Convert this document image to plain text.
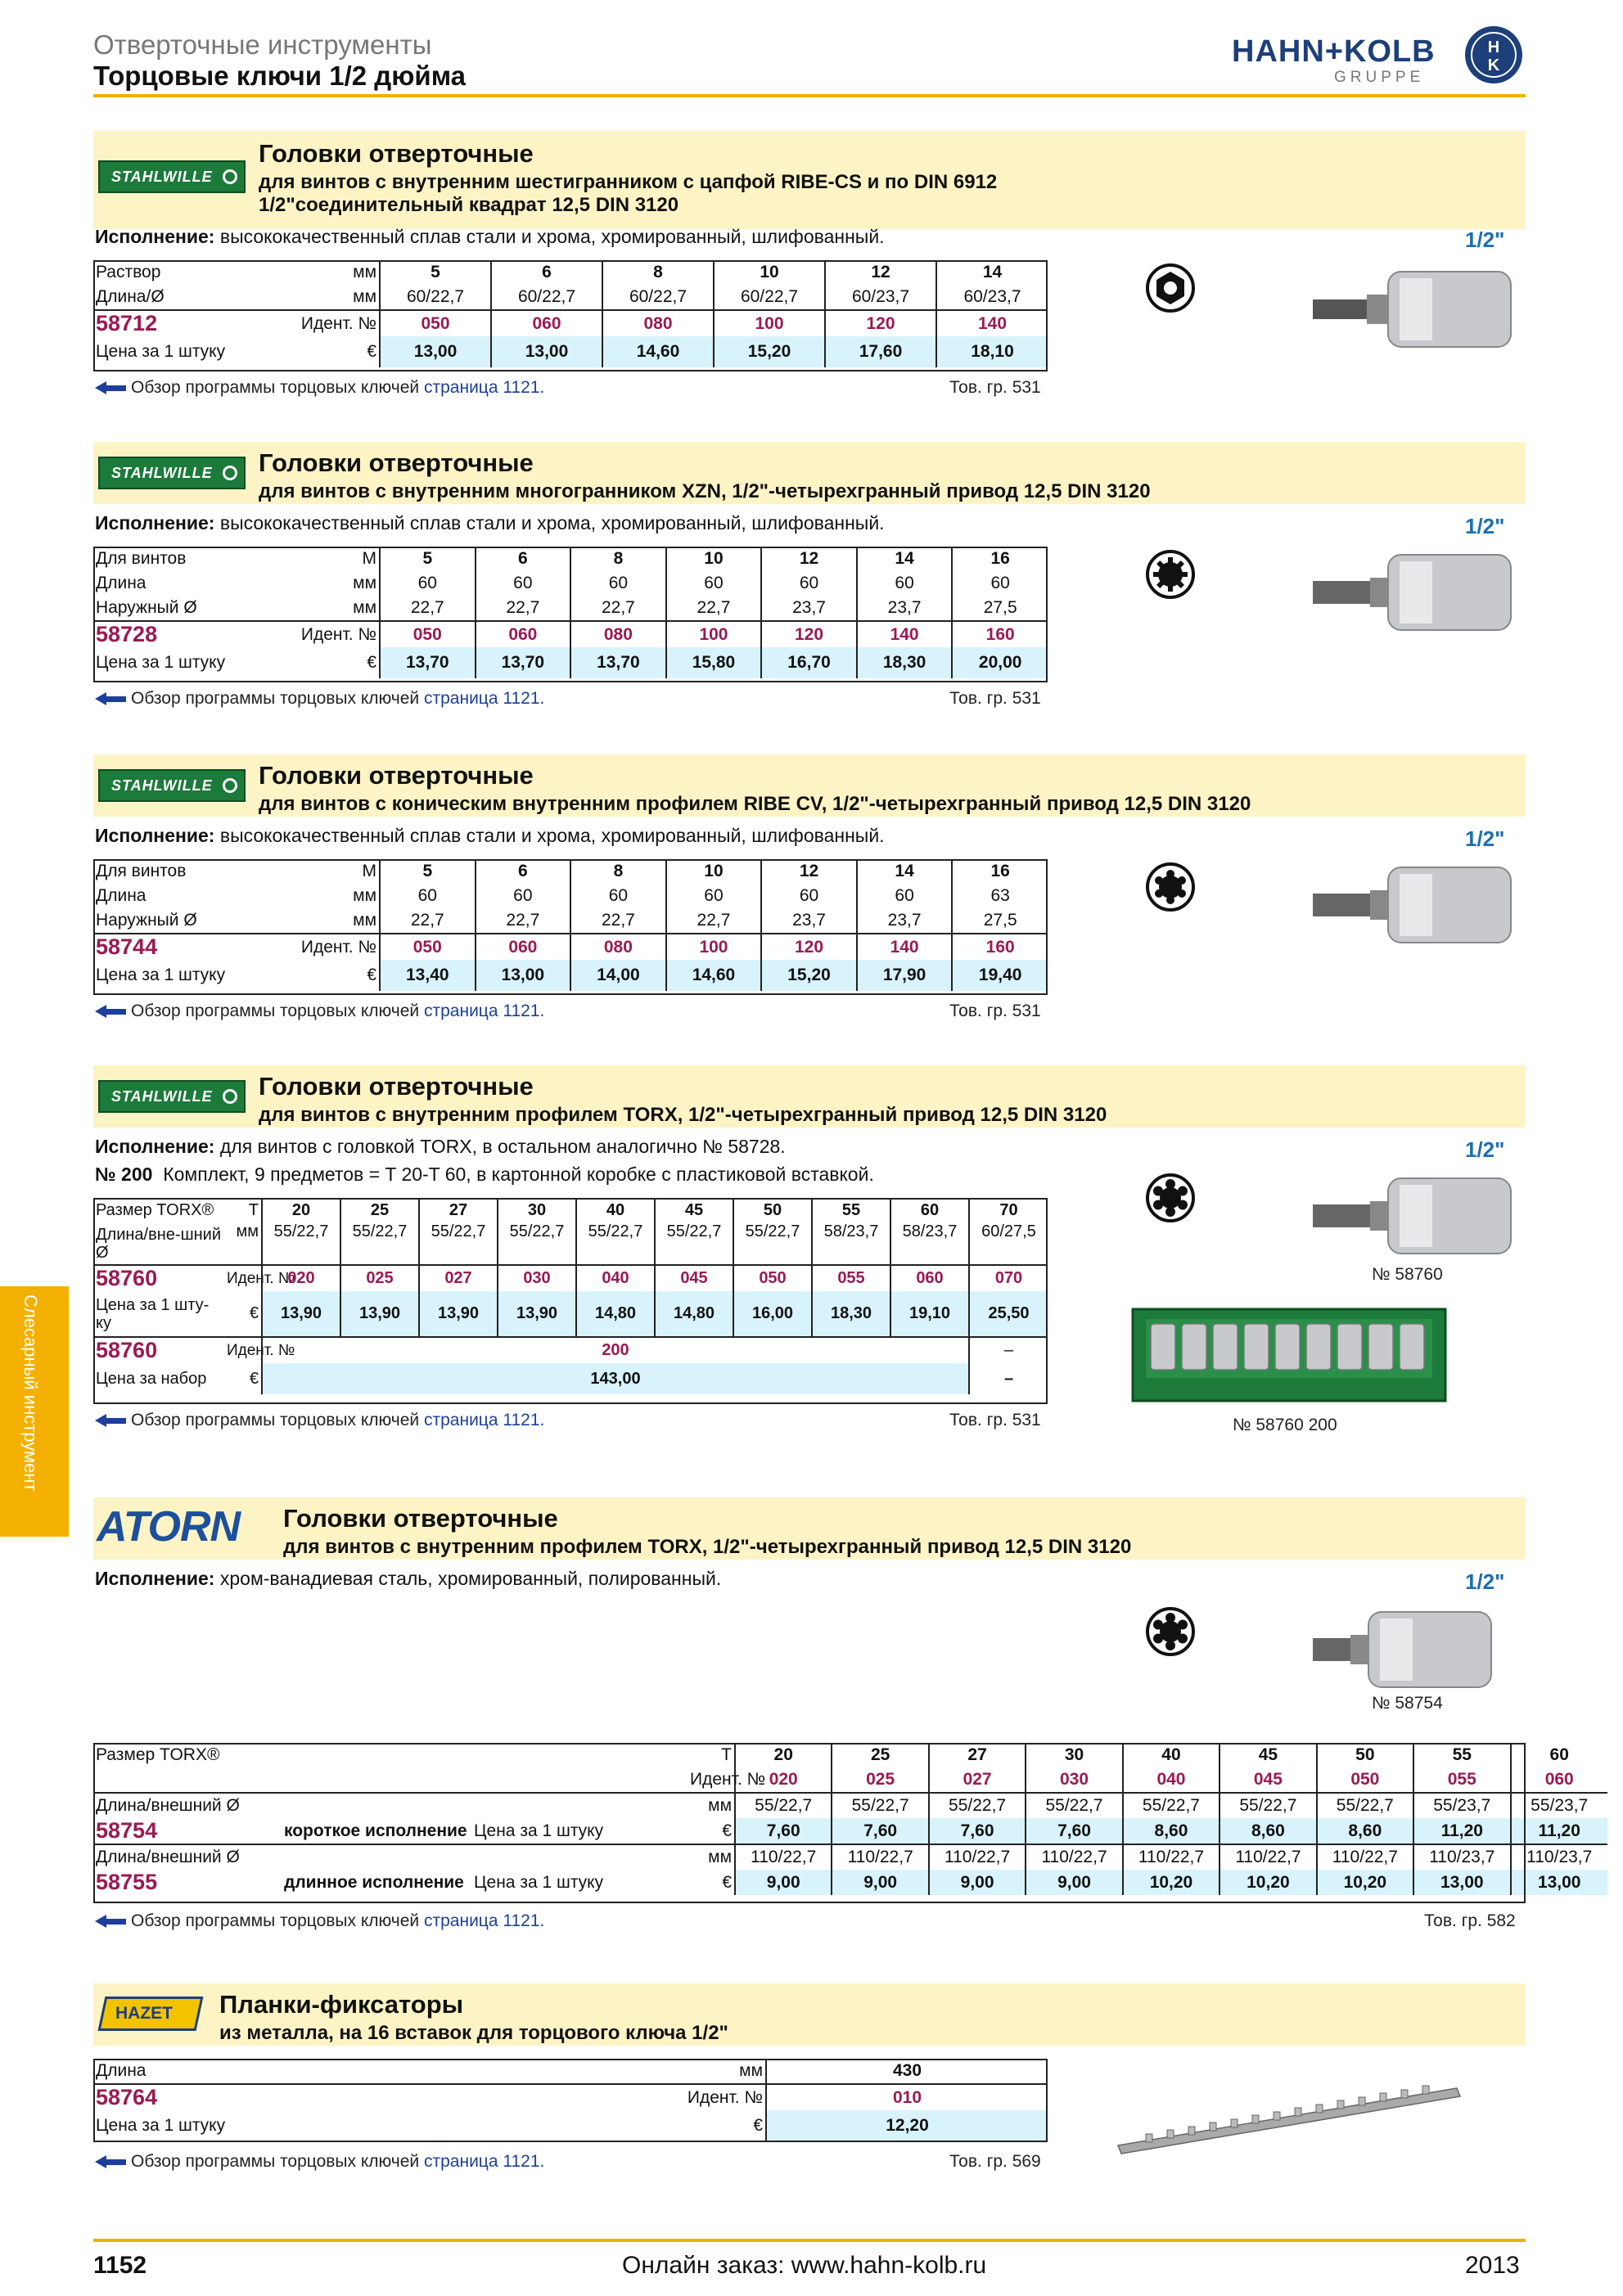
Отверточные инструменты
Торцовые ключи 1/2 дюйма
HAHN+KOLB
GRUPPE
H
K
Слесарный инструмент
STAHLWILLE
Головки отверточные
для винтов с внутренним шестигранником с цапфой RIBE-CS и по DIN 6912
1/2"соединительный квадрат 12,5 DIN 3120
Исполнение: высококачественный сплав стали и хрома, хромированный, шлифованный.	1/2"
Раствор	мм	5	6	8	10	12	14
Длина/Ø	мм	60/22,7	60/22,7	60/22,7	60/22,7	60/23,7	60/23,7
58712	Идент. №	050	060	080	100	120	140
Цена за 1 штуку	€	13,00	13,00	14,60	15,20	17,60	18,10
Обзор программы торцовых ключей страница 1121.	Тов. гр. 531
STAHLWILLE Головки отверточные
для винтов с внутренним многогранником XZN, 1/2"-четырехгранный привод 12,5 DIN 3120
Исполнение: высококачественный сплав стали и хрома, хромированный, шлифованный.	1/2"
Для винтов	M	5	6	8	10	12	14	16
Длина	мм	60	60	60	60	60	60	60
Наружный Ø	мм	22,7	22,7	22,7	22,7	23,7	23,7	27,5
58728	Идент. №	050	060	080	100	120	140	160
Цена за 1 штуку	€	13,70	13,70	13,70	15,80	16,70	18,30	20,00
Обзор программы торцовых ключей страница 1121.	Тов. гр. 531
STAHLWILLE Головки отверточные
для винтов с коническим внутренним профилем RIBE CV, 1/2"-четырехгранный привод 12,5 DIN 3120
Исполнение: высококачественный сплав стали и хрома, хромированный, шлифованный.	1/2"
Для винтов	M	5	6	8	10	12	14	16
Длина	мм	60	60	60	60	60	60	63
Наружный Ø	мм	22,7	22,7	22,7	22,7	23,7	23,7	27,5
58744	Идент. №	050	060	080	100	120	140	160
Цена за 1 штуку	€	13,40	13,00	14,00	14,60	15,20	17,90	19,40
Обзор программы торцовых ключей страница 1121.	Тов. гр. 531
STAHLWILLE Головки отверточные
для винтов с внутренним профилем TORX, 1/2"-четырехгранный привод 12,5 DIN 3120
Исполнение: для винтов с головкой TORX, в остальном аналогично № 58728.
№ 200 Комплект, 9 предметов = T 20-T 60, в картонной коробке с пластиковой вставкой.
1/2"
Размер TORX®	T	20	25	27	30	40	45	50	55	60	70
Длина/вне-шний Ø	мм	55/22,7	55/22,7	55/22,7	55/22,7	55/22,7	55/22,7	55/22,7	58/23,7	58/23,7	60/27,5
58760	Идент. №	020	025	027	030	040	045	050	055	060	070
Цена за 1 шту-ку	€	13,90	13,90	13,90	13,90	14,80	14,80	16,00	18,30	19,10	25,50
58760	Идент. №	200									–
Цена за набор	€	143,00									–
Обзор программы торцовых ключей страница 1121.	Тов. гр. 531
№ 58760
№ 58760 200
ATORN Головки отверточные
для винтов с внутренним профилем TORX, 1/2"-четырехгранный привод 12,5 DIN 3120
Исполнение: хром-ванадиевая сталь, хромированный, полированный.	1/2"
№ 58754
Размер TORX®			T	20	25	27	30	40	45	50	55	60
			Идент. №	020	025	027	030	040	045	050	055	060
Длина/внешний Ø			мм	55/22,7	55/22,7	55/22,7	55/22,7	55/22,7	55/22,7	55/22,7	55/23,7	55/23,7
58754	короткое исполнение	Цена за 1 штуку	€	7,60	7,60	7,60	7,60	8,60	8,60	8,60	11,20	11,20
Длина/внешний Ø			мм	110/22,7	110/22,7	110/22,7	110/22,7	110/22,7	110/22,7	110/22,7	110/23,7	110/23,7
58755	длинное исполнение	Цена за 1 штуку	€	9,00	9,00	9,00	9,00	10,20	10,20	10,20	13,00	13,00
Обзор программы торцовых ключей страница 1121.	Тов. гр. 582
HAZET Планки-фиксаторы
из металла, на 16 вставок для торцового ключа 1/2"
Длина	мм	430
58764	Идент. №	010
Цена за 1 штуку	€	12,20
Обзор программы торцовых ключей страница 1121.	Тов. гр. 569
1152	Онлайн заказ: www.hahn-kolb.ru	2013
